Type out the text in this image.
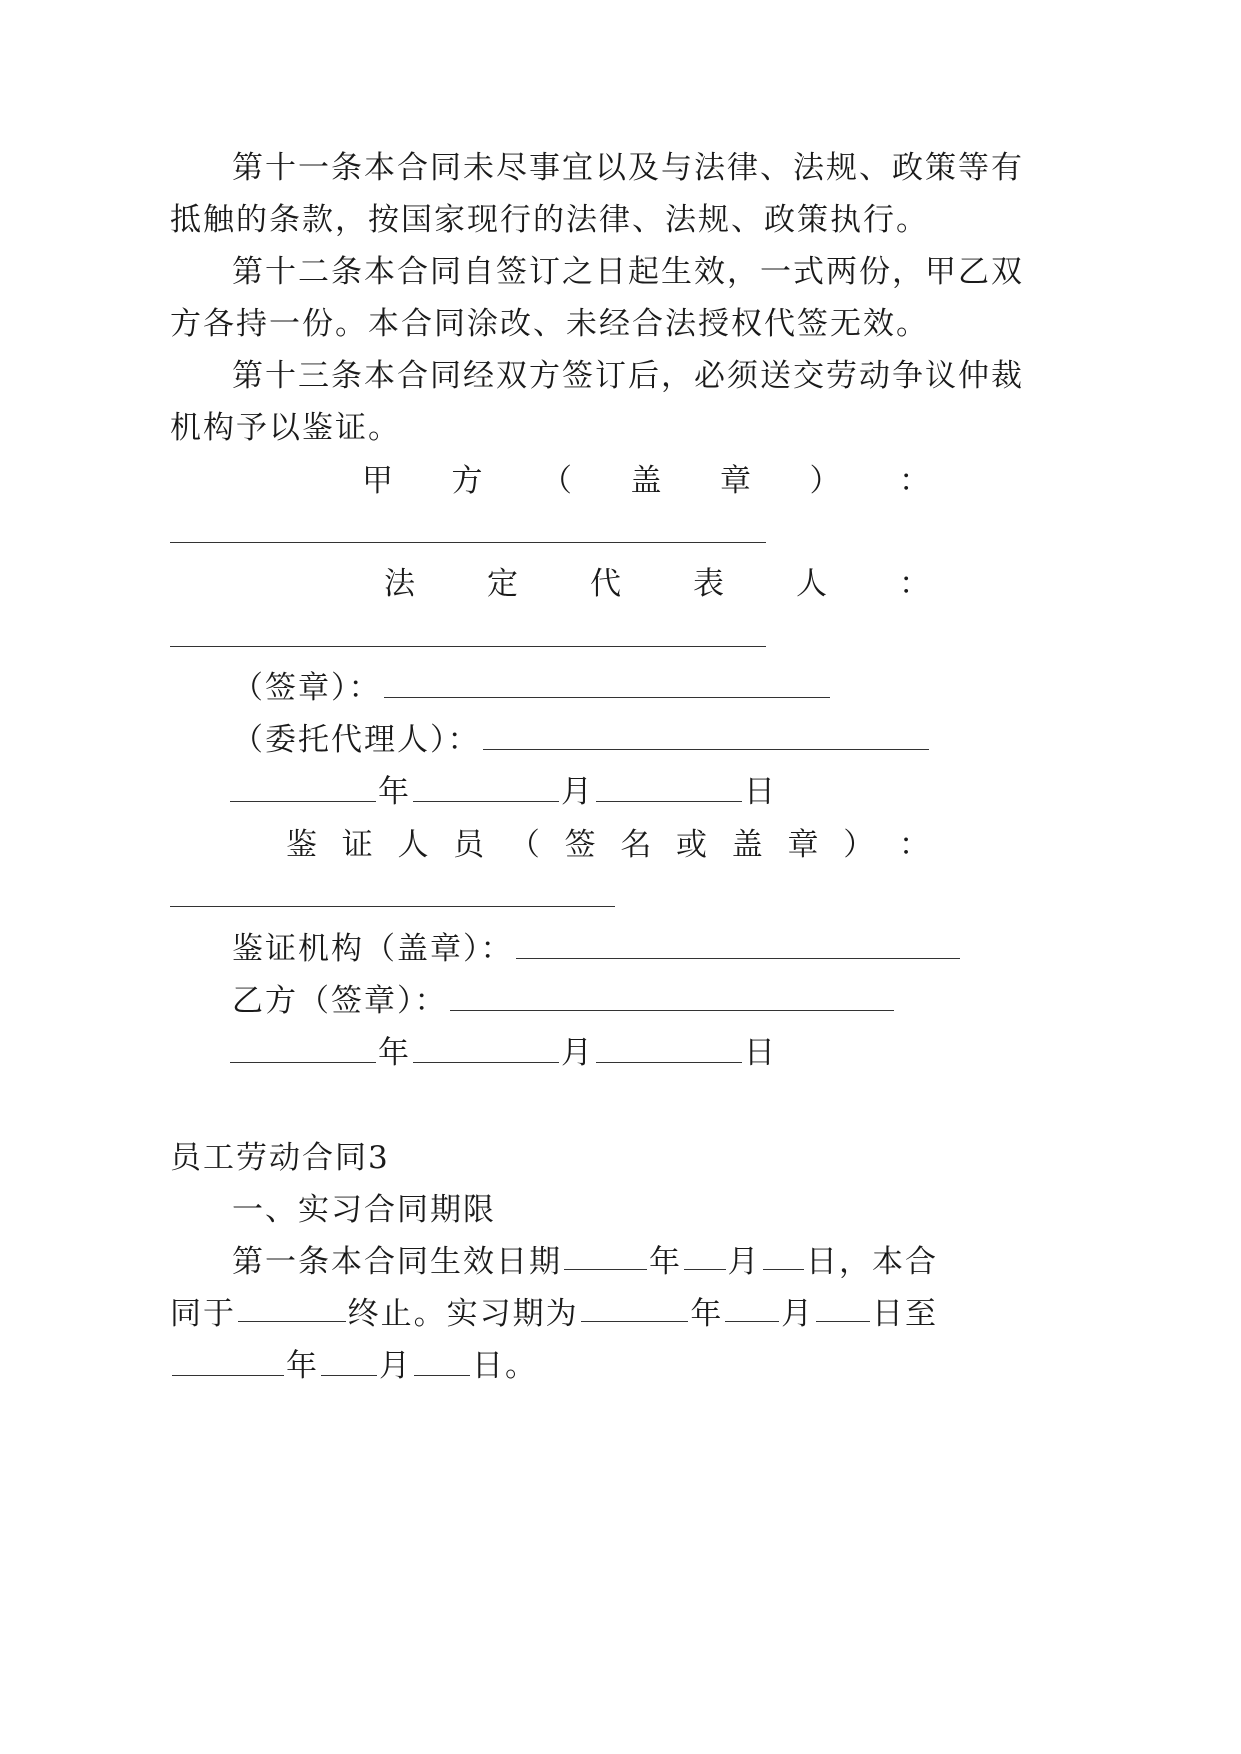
第十一条本合同未尽事宜以及与法律、法规、政策等有
抵触的条款，按国家现行的法律、法规、政策执行。
第十二条本合同自签订之日起生效，一式两份，甲乙双
方各持一份。本合同涂改、未经合法授权代签无效。
第十三条本合同经双方签订后，必须送交劳动争议仲裁
机构予以鉴证。
甲 方 （ 盖 章 ） ：
法 定 代 表 人 ：
（签章）：
（委托代理人）：
年	月	日
鉴 证 人 员 （ 签 名 或 盖 章 ） ：
鉴证机构（盖章）：
乙方（签章）：
年	月	日
员工劳动合同3
一、实习合同期限
第一条本合同生效日期	年 月 日，本合
同于	终止。实习期为	年 月 日至
年 月 日。
